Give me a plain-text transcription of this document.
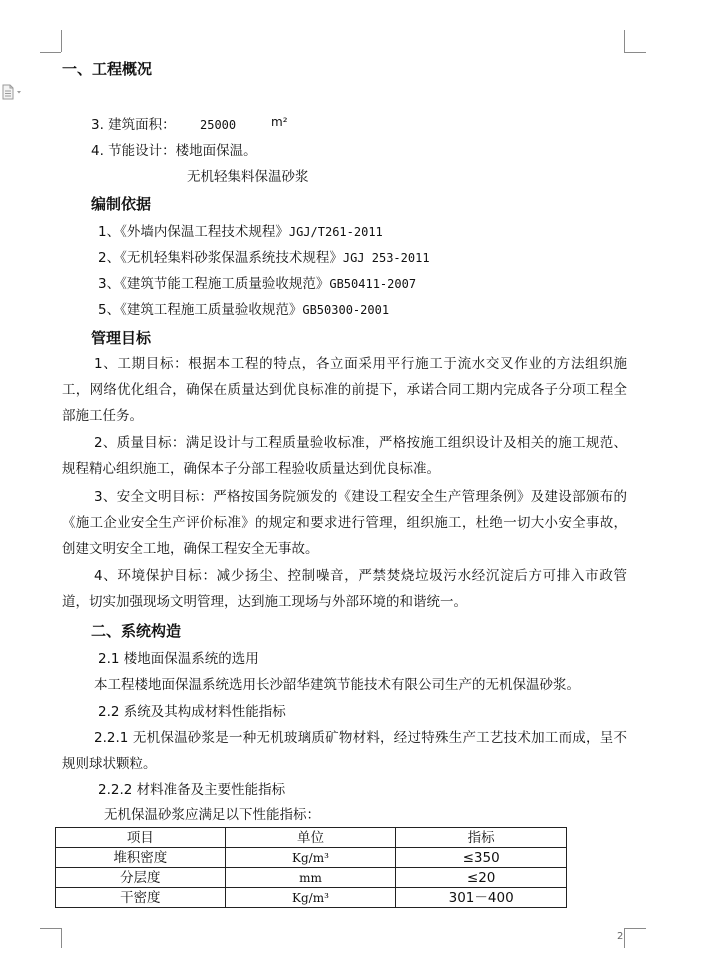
一、工程概况
3. 建筑面积： 25000	m²
4. 节能设计：楼地面保温。
无机轻集料保温砂浆
编制依据
1、《外墙内保温工程技术规程》JGJ/T261-2011
2、《无机轻集料砂浆保温系统技术规程》JGJ 253-2011
3、《建筑节能工程施工质量验收规范》GB50411-2007
5、《建筑工程施工质量验收规范》GB50300-2001
管理目标
1、工期目标：根据本工程的特点，各立面采用平行施工于流水交叉作业的方法组织施工，网络优化组合，确保在质量达到优良标准的前提下，承诺合同工期内完成各子分项工程全部施工任务。
2、质量目标：满足设计与工程质量验收标准，严格按施工组织设计及相关的施工规范、规程精心组织施工，确保本子分部工程验收质量达到优良标准。
3、安全文明目标：严格按国务院颁发的《建设工程安全生产管理条例》及建设部颁布的《施工企业安全生产评价标准》的规定和要求进行管理，组织施工，杜绝一切大小安全事故，创建文明安全工地，确保工程安全无事故。
4、环境保护目标：减少扬尘、控制噪音，严禁焚烧垃圾污水经沉淀后方可排入市政管道，切实加强现场文明管理，达到施工现场与外部环境的和谐统一。
二、系统构造
2.1 楼地面保温系统的选用
本工程楼地面保温系统选用长沙韶华建筑节能技术有限公司生产的无机保温砂浆。
2.2 系统及其构成材料性能指标
2.2.1 无机保温砂浆是一种无机玻璃质矿物材料，经过特殊生产工艺技术加工而成，呈不规则球状颗粒。
2.2.2 材料准备及主要性能指标
无机保温砂浆应满足以下性能指标：
项目	单位	指标
堆积密度	Kg/m³	≤350
分层度	mm	≤20
干密度	Kg/m³	301－400
2
